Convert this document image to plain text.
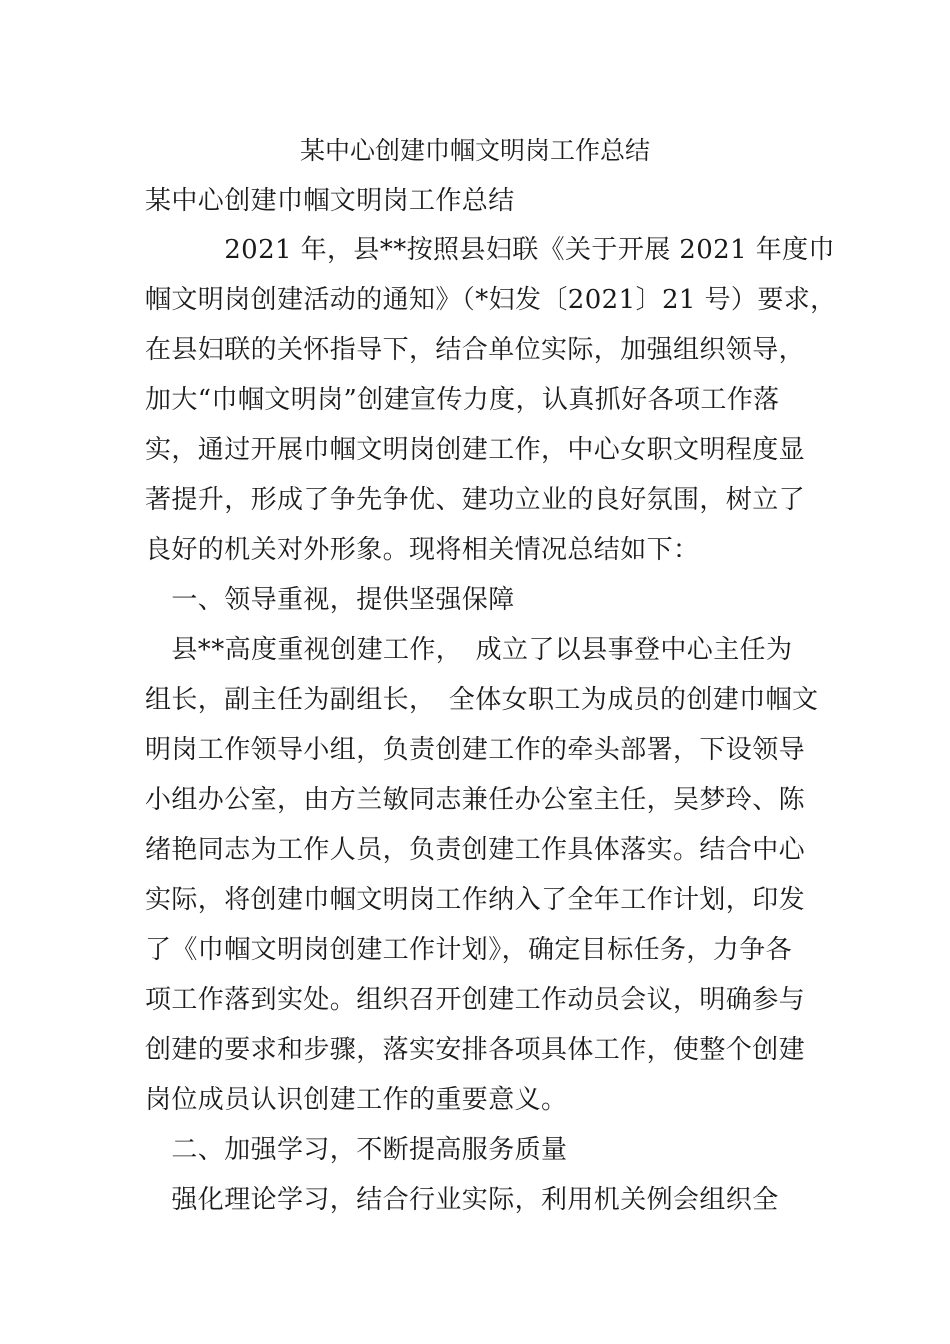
某中心创建巾帼文明岗工作总结
某中心创建巾帼文明岗工作总结
　　　2021 年，县**按照县妇联《关于开展 2021 年度巾
帼文明岗创建活动的通知》（*妇发〔2021〕21 号）要求，
在县妇联的关怀指导下，结合单位实际，加强组织领导，
加大“巾帼文明岗”创建宣传力度，认真抓好各项工作落
实，通过开展巾帼文明岗创建工作，中心女职文明程度显
著提升，形成了争先争优、建功立业的良好氛围，树立了
良好的机关对外形象。现将相关情况总结如下：
　一、领导重视，提供坚强保障
　县**高度重视创建工作，　成立了以县事登中心主任为
组长，副主任为副组长，　全体女职工为成员的创建巾帼文
明岗工作领导小组，负责创建工作的牵头部署，下设领导
小组办公室，由方兰敏同志兼任办公室主任，吴梦玲、陈
绪艳同志为工作人员，负责创建工作具体落实。结合中心
实际，将创建巾帼文明岗工作纳入了全年工作计划，印发
了《巾帼文明岗创建工作计划》，确定目标任务，力争各
项工作落到实处。组织召开创建工作动员会议，明确参与
创建的要求和步骤，落实安排各项具体工作，使整个创建
岗位成员认识创建工作的重要意义。
　二、加强学习，不断提高服务质量
　强化理论学习，结合行业实际，利用机关例会组织全
